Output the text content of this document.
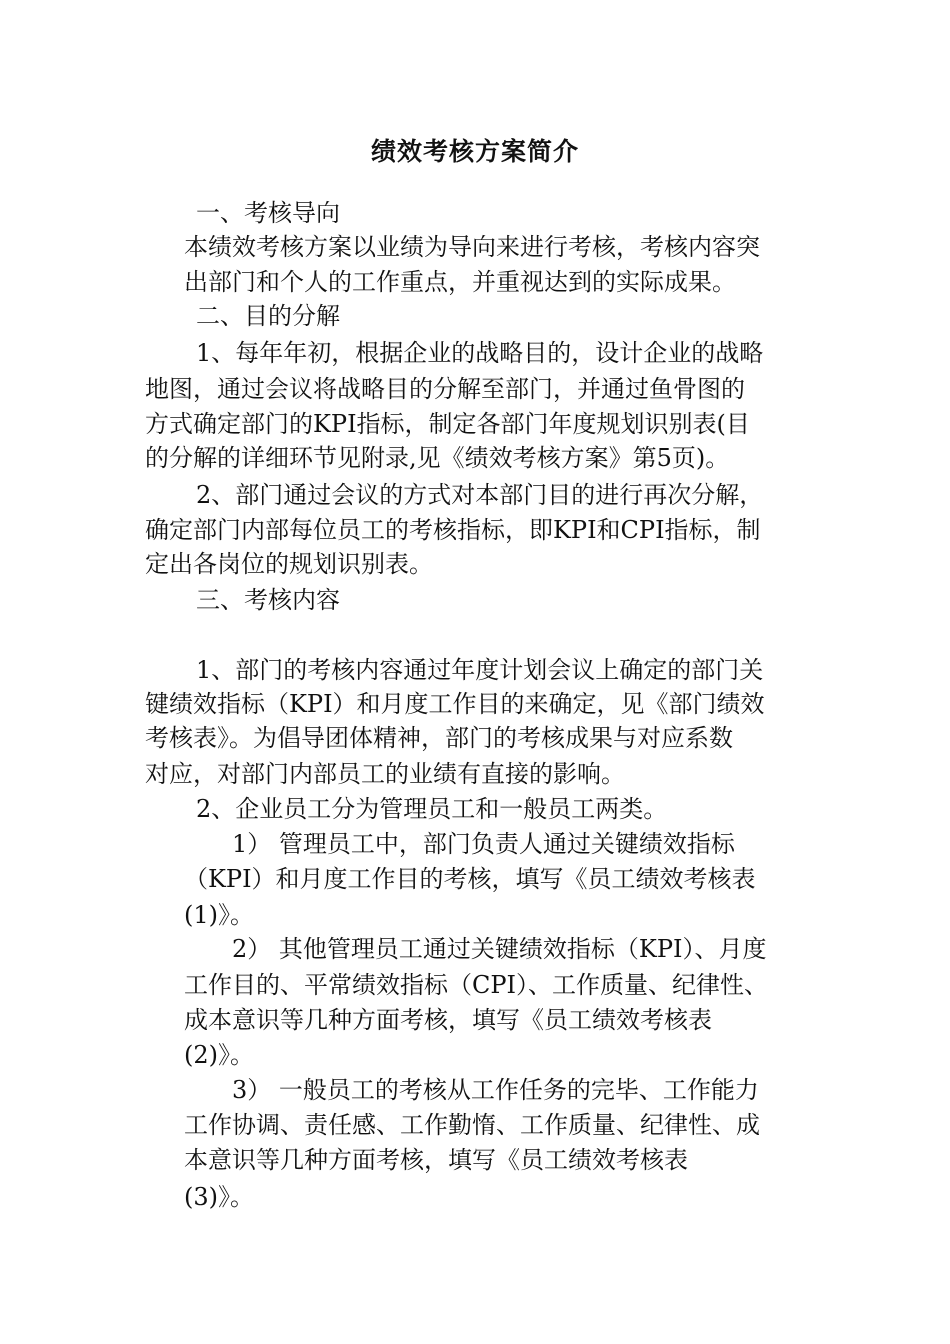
绩效考核方案简介
一、考核导向
本绩效考核方案以业绩为导向来进行考核，考核内容突
出部门和个人的工作重点，并重视达到的实际成果。
二、目的分解
1、每年年初，根据企业的战略目的，设计企业的战略
地图，通过会议将战略目的分解至部门，并通过鱼骨图的
方式确定部门的KPI指标，制定各部门年度规划识别表(目
的分解的详细环节见附录,见《绩效考核方案》第5页)。
2、部门通过会议的方式对本部门目的进行再次分解，
确定部门内部每位员工的考核指标，即KPI和CPI指标，制
定出各岗位的规划识别表。
三、考核内容
1、部门的考核内容通过年度计划会议上确定的部门关
键绩效指标（KPI）和月度工作目的来确定，见《部门绩效
考核表》。为倡导团体精神，部门的考核成果与对应系数
对应，对部门内部员工的业绩有直接的影响。
2、企业员工分为管理员工和一般员工两类。
1） 管理员工中，部门负责人通过关键绩效指标
（KPI）和月度工作目的考核，填写《员工绩效考核表
(1)》。
2） 其他管理员工通过关键绩效指标（KPI）、月度
工作目的、平常绩效指标（CPI）、工作质量、纪律性、
成本意识等几种方面考核，填写《员工绩效考核表
(2)》。
3） 一般员工的考核从工作任务的完毕、工作能力
工作协调、责任感、工作勤惰、工作质量、纪律性、成
本意识等几种方面考核，填写《员工绩效考核表
(3)》。
